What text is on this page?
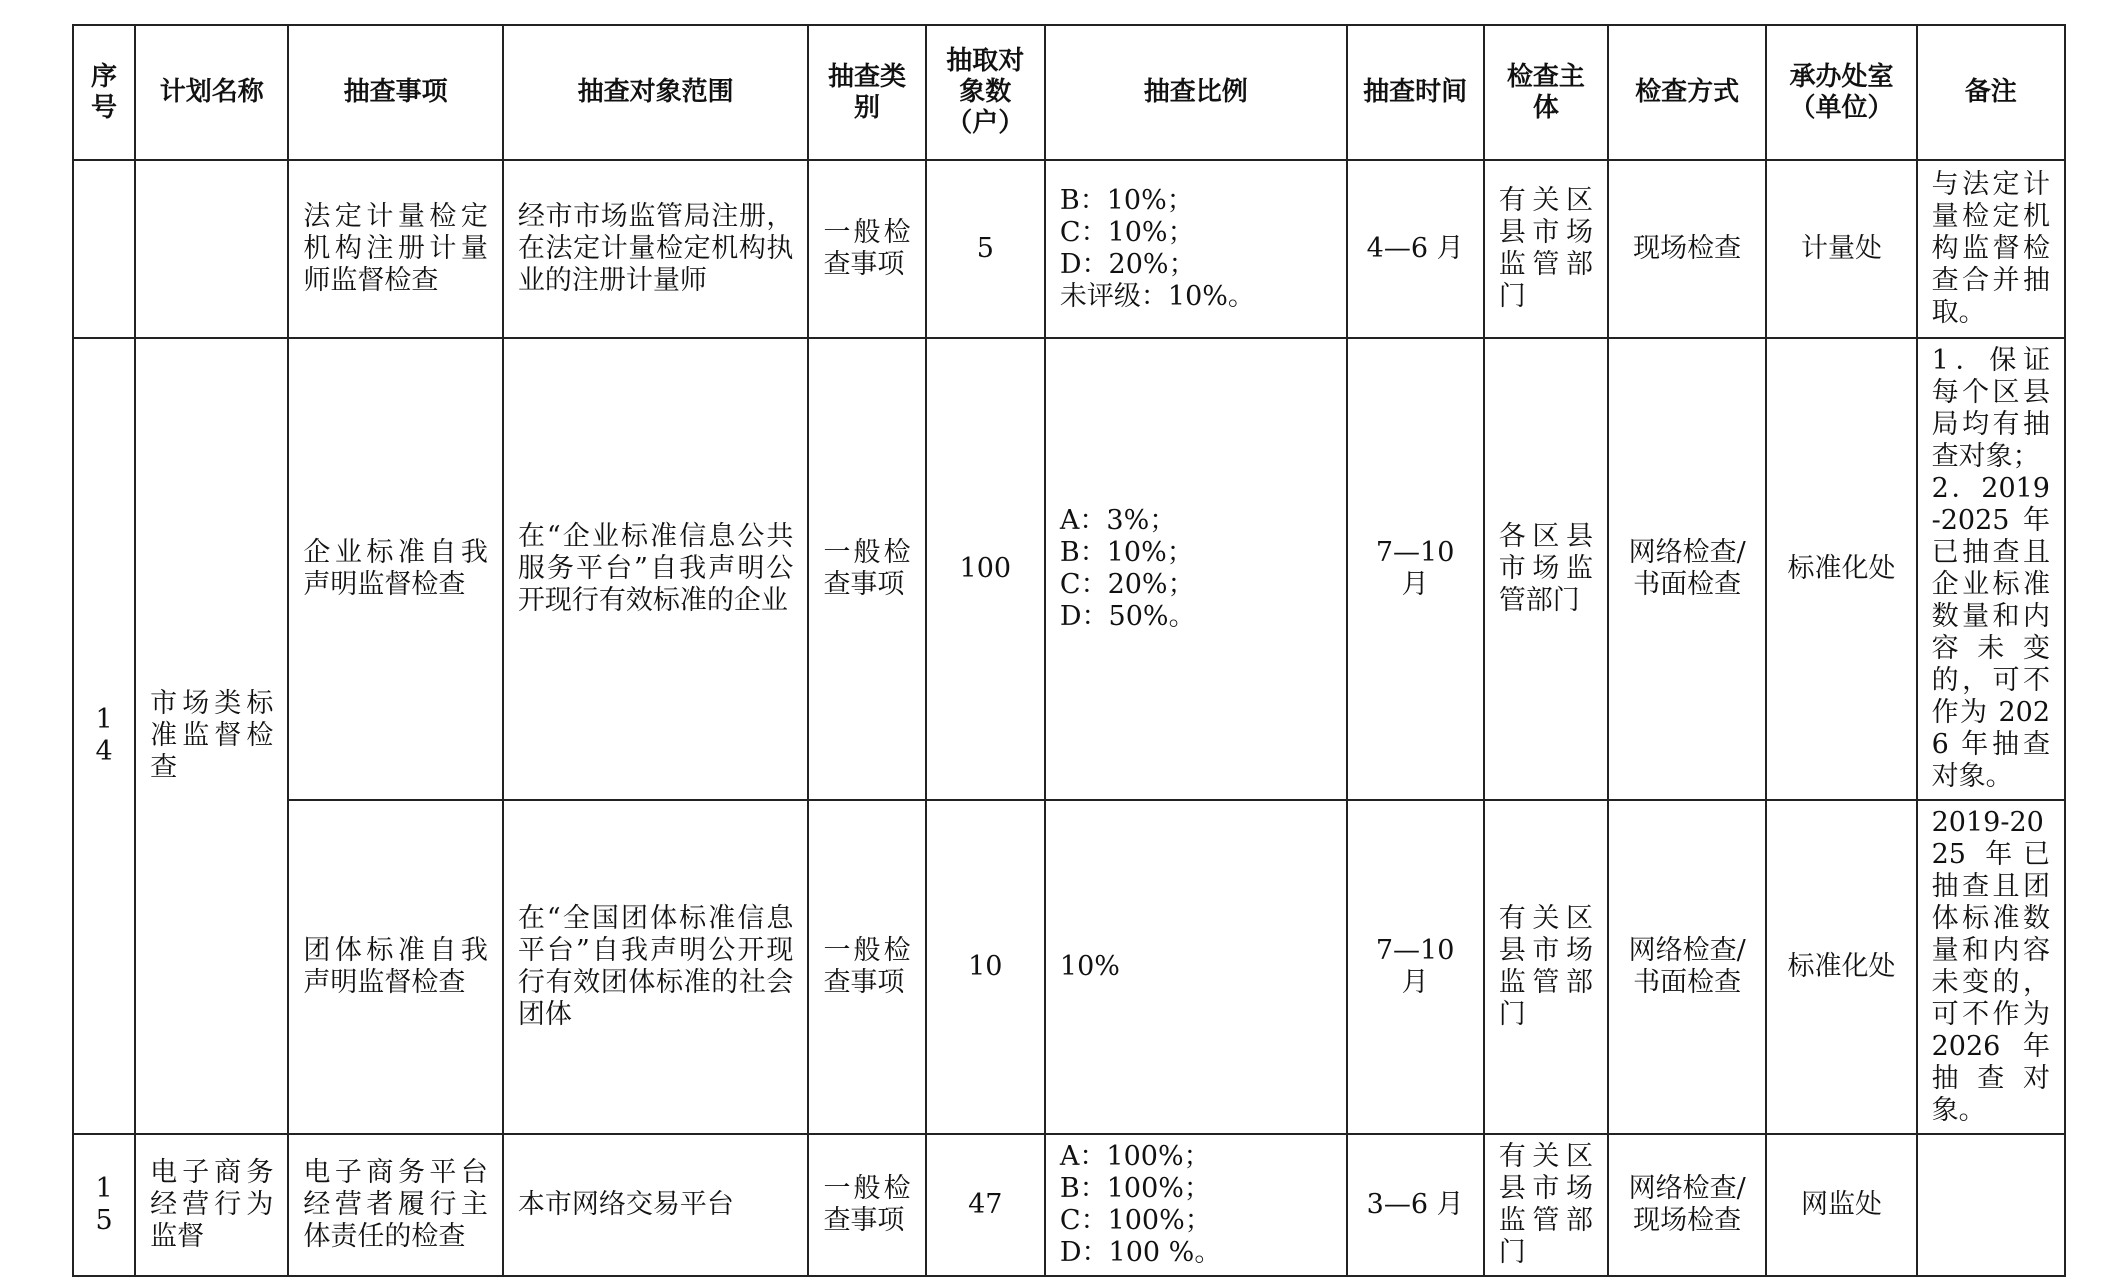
序号	计划名称	抽查事项	抽查对象范围	抽查类别	抽取对象数（户）	抽查比例	抽查时间	检查主体	检查方式	承办处室（单位）	备注
		法定计量检定机构注册计量师监督检查	经市市场监管局注册，在法定计量检定机构执业的注册计量师	一般检查事项	5	B：10%；
C：10%；
D：20%；
未评级：10%。	4—6 月	有关区县市场监管部门	现场检查	计量处	与法定计量检定机构监督检查合并抽取。
14	市场类标准监督检查	企业标准自我声明监督检查	在“企业标准信息公共服务平台”自我声明公开现行有效标准的企业	一般检查事项	100	A：3%；
B：10%；
C：20%；
D：50%。	7—10 月	各区县市场监管部门	网络检查/书面检查	标准化处	1．保证每个区县局均有抽查对象；
2．2019-2025 年已抽查且企业标准数量和内容未变的，可不作为 2026 年抽查对象。
		团体标准自我声明监督检查	在“全国团体标准信息平台”自我声明公开现行有效团体标准的社会团体	一般检查事项	10	10%	7—10 月	有关区县市场监管部门	网络检查/书面检查	标准化处	2019-2025 年已抽查且团体标准数量和内容未变的，可不作为 2026 年抽查对象。
15	电子商务经营行为监督	电子商务平台经营者履行主体责任的检查	本市网络交易平台	一般检查事项	47	A：100%；
B：100%；
C：100%；
D：100 %。	3—6 月	有关区县市场监管部门	网络检查/现场检查	网监处	
